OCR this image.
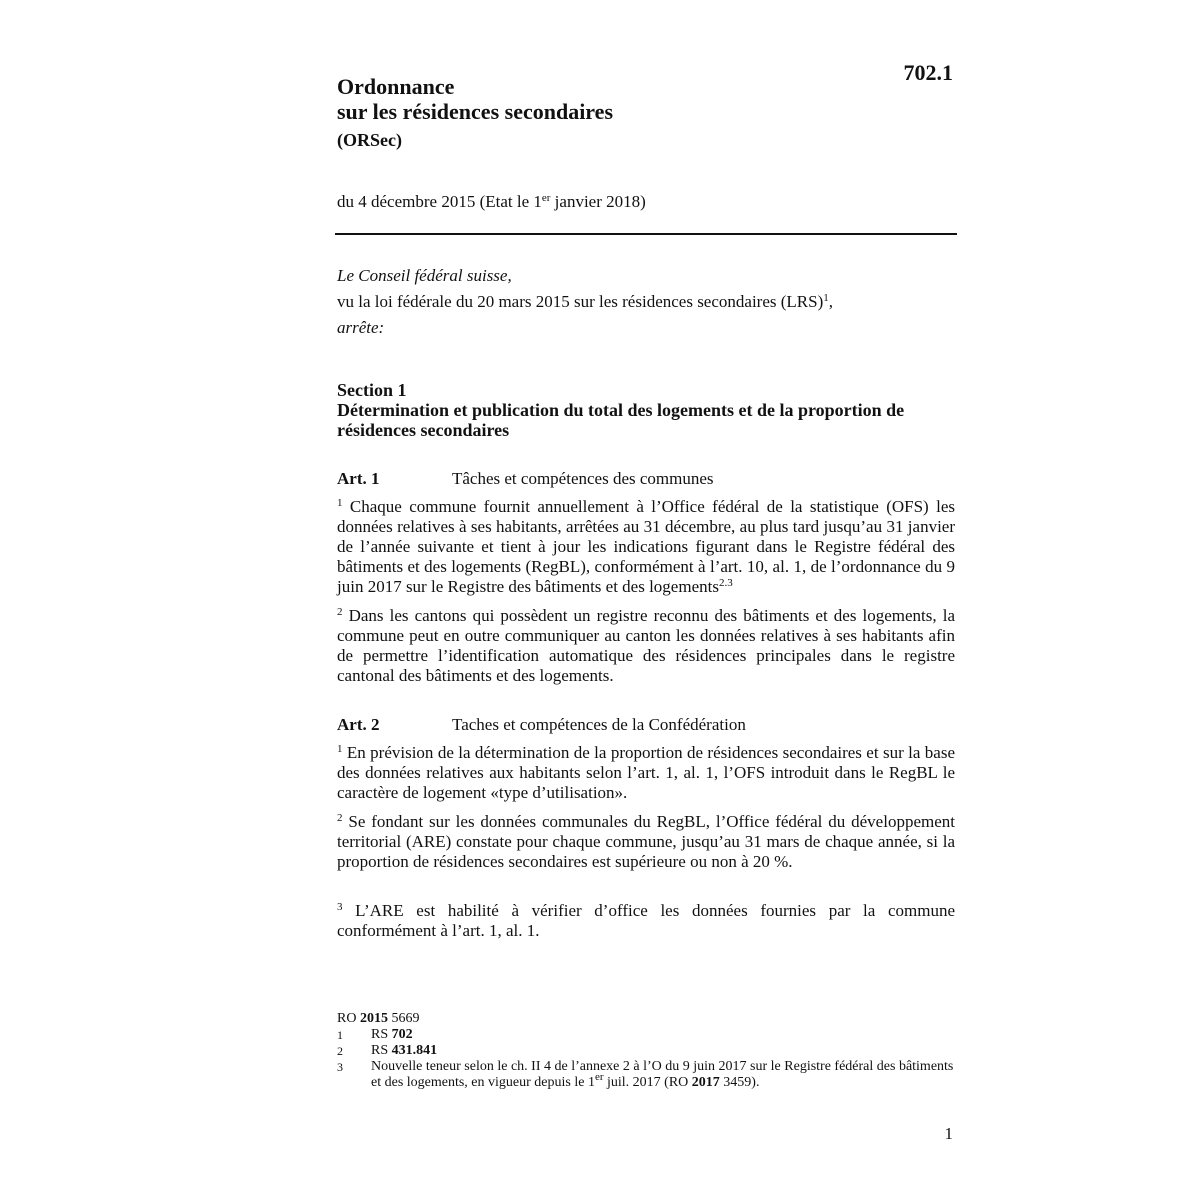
702.1
Ordonnance
sur les résidences secondaires
(ORSec)
du 4 décembre 2015 (Etat le 1er janvier 2018)
Le Conseil fédéral suisse,
vu la loi fédérale du 20 mars 2015 sur les résidences secondaires (LRS)$^1$,
arrête:
Section 1
Détermination et publication du total des logements et de la proportion de résidences secondaires
Art. 1	Tâches et compétences des communes
$^1$ Chaque commune fournit annuellement à l’Office fédéral de la statistique (OFS) les données relatives à ses habitants, arrêtées au 31 décembre, au plus tard jusqu’au 31 janvier de l’année suivante et tient à jour les indications figurant dans le Registre fédéral des bâtiments et des logements (RegBL), conformément à l’art. 10, al. 1, de l’ordonnance du 9 juin 2017 sur le Registre des bâtiments et des logements$^{2.3}$
$^2$ Dans les cantons qui possèdent un registre reconnu des bâtiments et des logements, la commune peut en outre communiquer au canton les données relatives à ses habitants afin de permettre l’identification automatique des résidences principales dans le registre cantonal des bâtiments et des logements.
Art. 2	Taches et compétences de la Confédération
$^1$ En prévision de la détermination de la proportion de résidences secondaires et sur la base des données relatives aux habitants selon l’art. 1, al. 1, l’OFS introduit dans le RegBL le caractère de logement «type d’utilisation».
$^2$ Se fondant sur les données communales du RegBL, l’Office fédéral du développement territorial (ARE) constate pour chaque commune, jusqu’au 31 mars de chaque année, si la proportion de résidences secondaires est supérieure ou non à 20 %.
$^3$ L’ARE est habilité à vérifier d’office les données fournies par la commune conformément à l’art. 1, al. 1.
RO 2015 5669
1	RS 702
2	RS 431.841
3	Nouvelle teneur selon le ch. II 4 de l’annexe 2 à l’O du 9 juin 2017 sur le Registre fédéral des bâtiments et des logements, en vigueur depuis le 1er juil. 2017 (RO 2017 3459).
1
